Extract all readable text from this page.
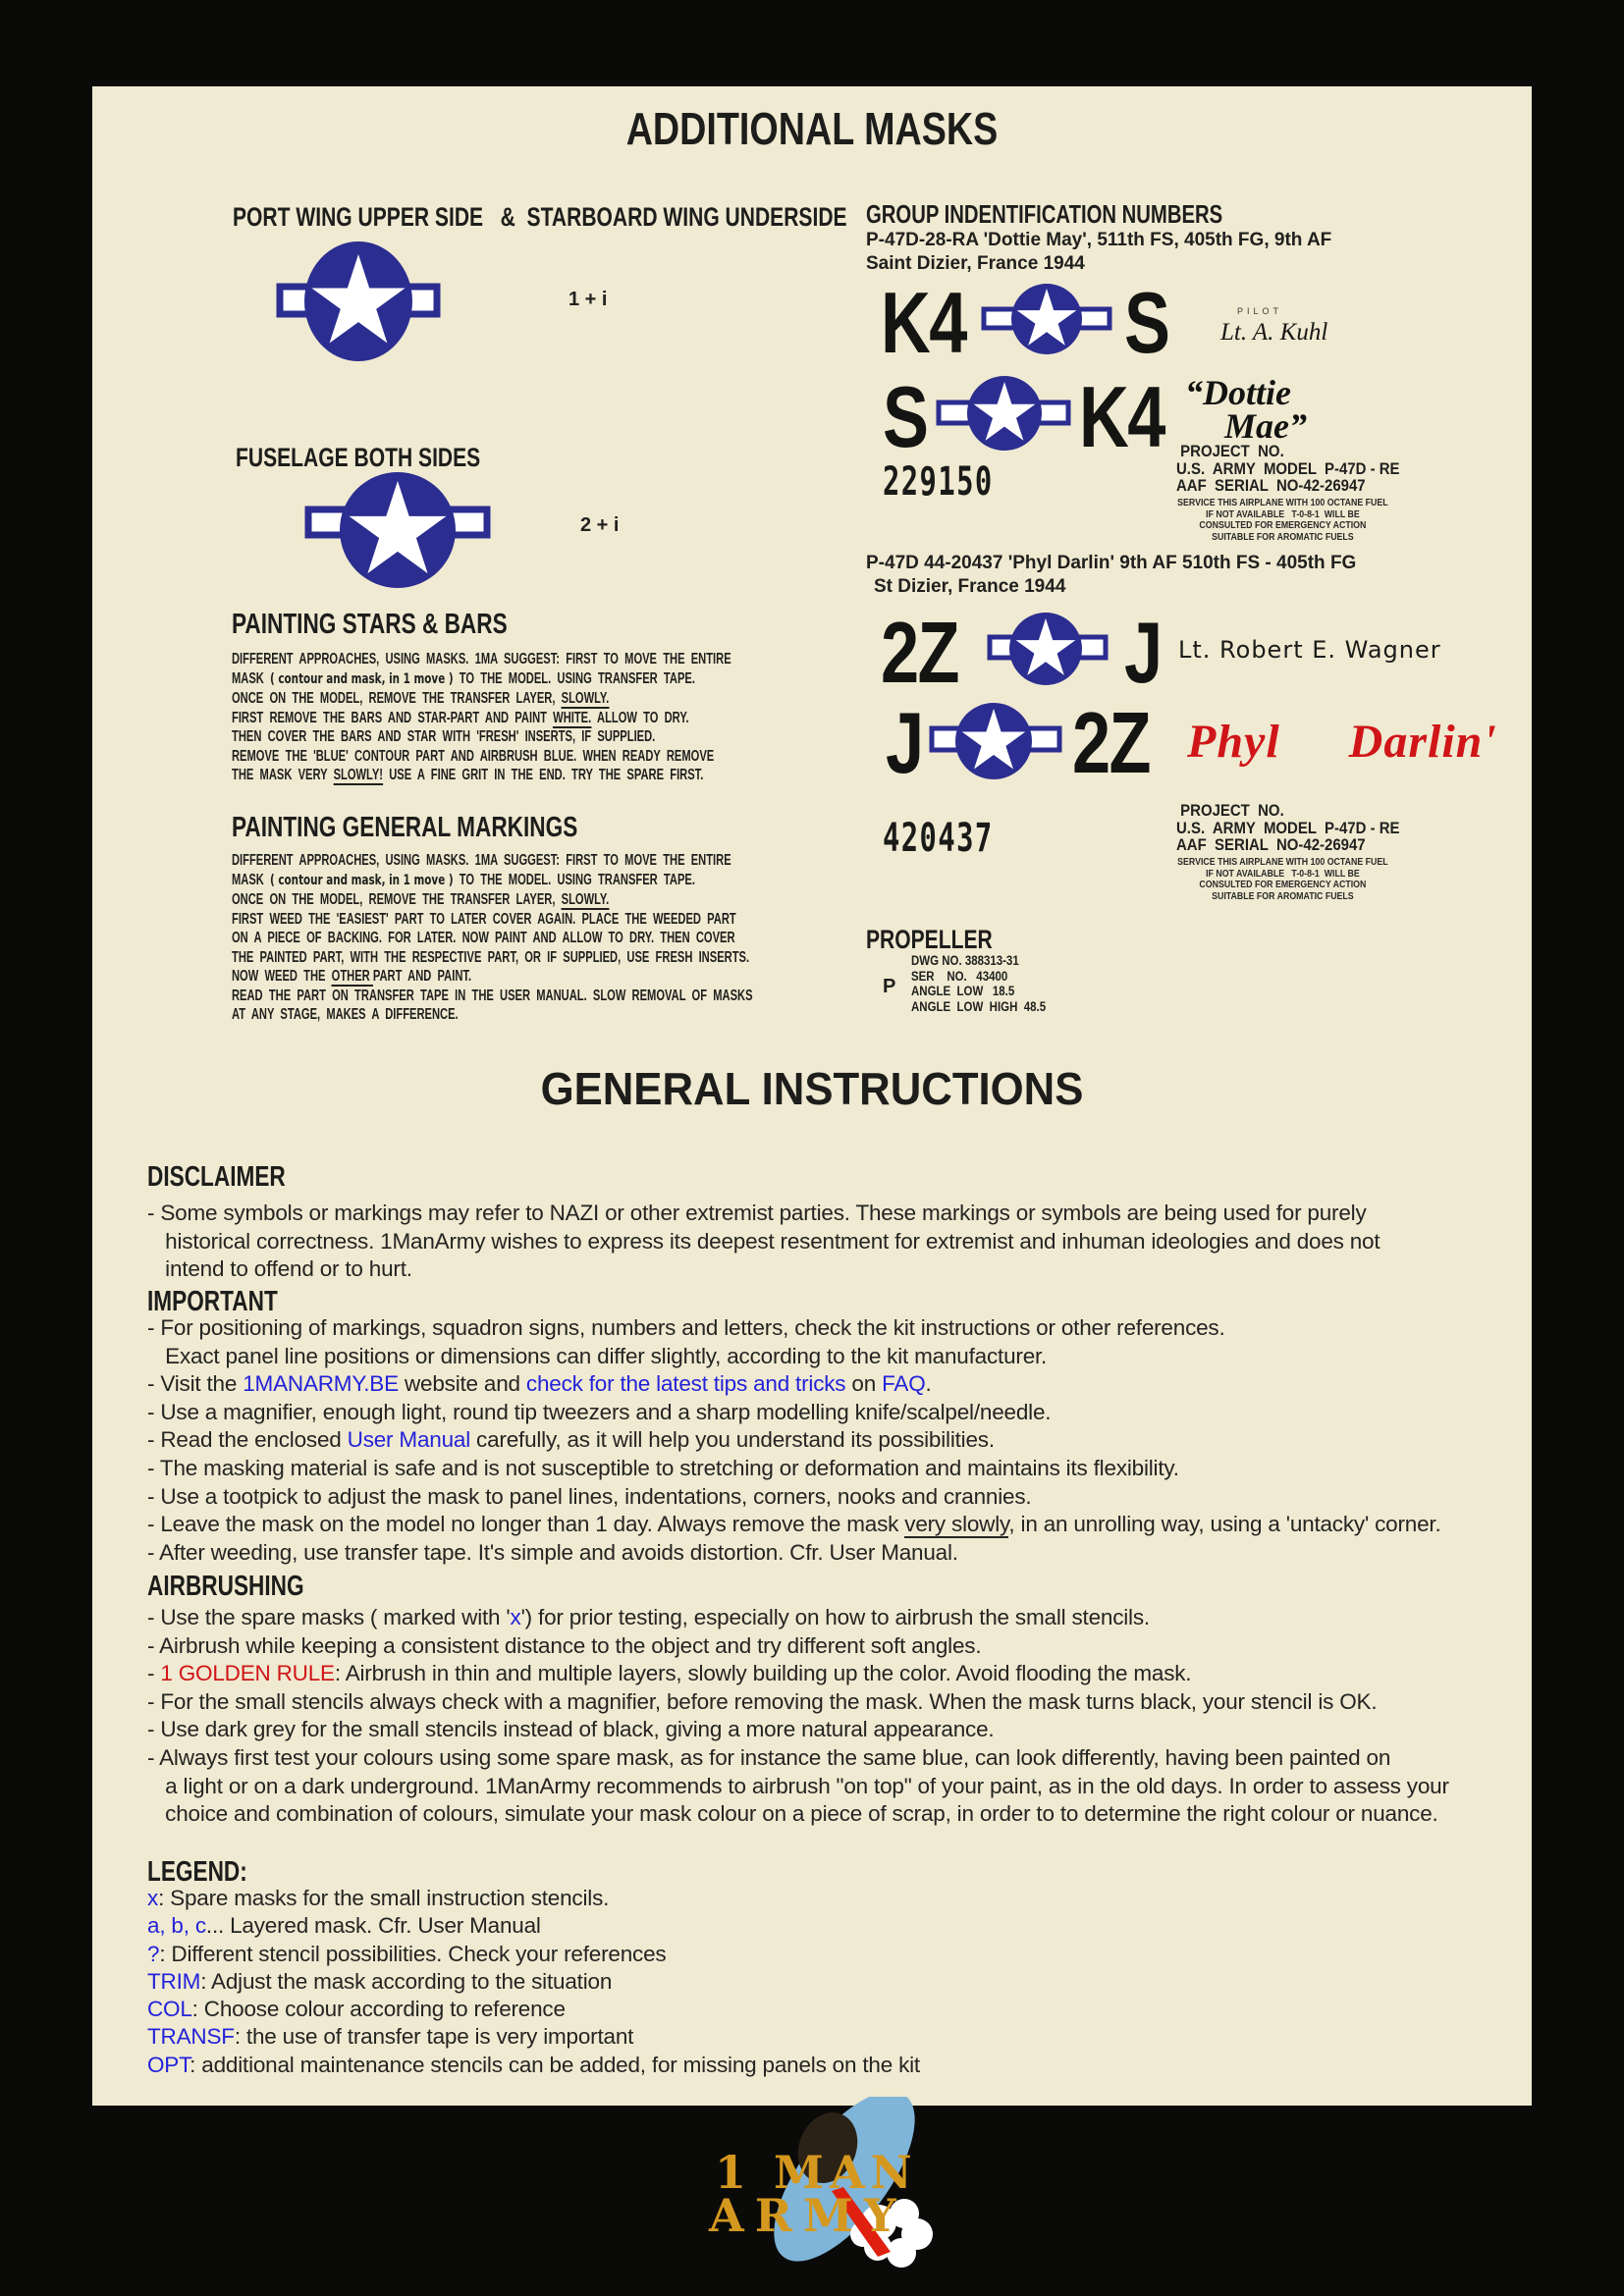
ADDITIONAL MASKS
PORT WING UPPER SIDE   &  STARBOARD WING UNDERSIDE
1 + i
FUSELAGE BOTH SIDES
2 + i
PAINTING STARS & BARS
DIFFERENT  APPROACHES,  USING  MASKS.  1MA  SUGGEST:  FIRST  TO  MOVE  THE  ENTIRE
MASK  ( contour and mask, in 1 move )  TO  THE  MODEL.  USING  TRANSFER  TAPE.
ONCE  ON  THE  MODEL,  REMOVE  THE  TRANSFER  LAYER,  SLOWLY.
FIRST  REMOVE  THE  BARS  AND  STAR-PART  AND  PAINT  WHITE.  ALLOW  TO  DRY.
THEN  COVER  THE  BARS  AND  STAR  WITH  'FRESH'  INSERTS,  IF  SUPPLIED.
REMOVE  THE  'BLUE'  CONTOUR  PART  AND  AIRBRUSH  BLUE.  WHEN  READY  REMOVE
THE  MASK  VERY  SLOWLY!  USE  A  FINE  GRIT  IN  THE  END.  TRY  THE  SPARE  FIRST.
PAINTING GENERAL MARKINGS
DIFFERENT  APPROACHES,  USING  MASKS.  1MA  SUGGEST:  FIRST  TO  MOVE  THE  ENTIRE
MASK  ( contour and mask, in 1 move )  TO  THE  MODEL.  USING  TRANSFER  TAPE.
ONCE  ON  THE  MODEL,  REMOVE  THE  TRANSFER  LAYER,  SLOWLY.
FIRST  WEED  THE  'EASIEST'  PART  TO  LATER  COVER  AGAIN.  PLACE  THE  WEEDED  PART
ON  A  PIECE  OF  BACKING.  FOR  LATER.  NOW  PAINT  AND  ALLOW  TO  DRY.  THEN  COVER
THE  PAINTED  PART,  WITH  THE  RESPECTIVE  PART,  OR  IF  SUPPLIED,  USE  FRESH  INSERTS.
NOW  WEED  THE  OTHER PART  AND  PAINT.
READ  THE  PART  ON  TRANSFER  TAPE  IN  THE  USER  MANUAL.  SLOW  REMOVAL  OF  MASKS
AT  ANY  STAGE,  MAKES  A  DIFFERENCE.
GROUP INDENTIFICATION NUMBERS
P-47D-28-RA 'Dottie May', 511th FS, 405th FG, 9th AF
Saint Dizier, France 1944
K4 S	PILOT
Lt. A. Kuhl
S K4 “Dottie
Mae”
229150
PROJECT  NO.
U.S.  ARMY  MODEL  P-47D - RE
AAF  SERIAL  NO-42-26947
SERVICE THIS AIRPLANE WITH 100 OCTANE FUEL
IF NOT AVAILABLE   T-0-8-1  WILL BE
CONSULTED FOR EMERGENCY ACTION
SUITABLE FOR AROMATIC FUELS
P-47D 44-20437 'Phyl Darlin' 9th AF 510th FS - 405th FG
St Dizier, France 1944
2Z J Lt. Robert E. Wagner
J 2Z Phyl  Darlin'
420437
PROJECT  NO.
U.S.  ARMY  MODEL  P-47D - RE
AAF  SERIAL  NO-42-26947
SERVICE THIS AIRPLANE WITH 100 OCTANE FUEL
IF NOT AVAILABLE   T-0-8-1  WILL BE
CONSULTED FOR EMERGENCY ACTION
SUITABLE FOR AROMATIC FUELS
PROPELLER
P
DWG NO. 388313-31
SER    NO.   43400
ANGLE  LOW   18.5
ANGLE  LOW  HIGH  48.5
GENERAL INSTRUCTIONS
DISCLAIMER
- Some symbols or markings may refer to NAZI or other extremist parties. These markings or symbols are being used for purely
historical correctness. 1ManArmy wishes to express its deepest resentment for extremist and inhuman ideologies and does not
intend to offend or to hurt.
IMPORTANT
- For positioning of markings, squadron signs, numbers and letters, check the kit instructions or other references.
Exact panel line positions or dimensions can differ slightly, according to the kit manufacturer.
- Visit the 1MANARMY.BE website and check for the latest tips and tricks on FAQ.
- Use a magnifier, enough light, round tip tweezers and a sharp modelling knife/scalpel/needle.
- Read the enclosed User Manual carefully, as it will help you understand its possibilities.
- The masking material is safe and is not susceptible to stretching or deformation and maintains its flexibility.
- Use a tootpick to adjust the mask to panel lines, indentations, corners, nooks and crannies.
- Leave the mask on the model no longer than 1 day. Always remove the mask very slowly, in an unrolling way, using a 'untacky' corner.
- After weeding, use transfer tape. It's simple and avoids distortion. Cfr. User Manual.
AIRBRUSHING
- Use the spare masks ( marked with 'x') for prior testing, especially on how to airbrush the small stencils.
- Airbrush while keeping a consistent distance to the object and try different soft angles.
- 1 GOLDEN RULE: Airbrush in thin and multiple layers, slowly building up the color. Avoid flooding the mask.
- For the small stencils always check with a magnifier, before removing the mask. When the mask turns black, your stencil is OK.
- Use dark grey for the small stencils instead of black, giving a more natural appearance.
- Always first test your colours using some spare mask, as for instance the same blue, can look differently, having been painted on
a light or on a dark underground. 1ManArmy recommends to airbrush "on top" of your paint, as in the old days. In order to assess your
choice and combination of colours, simulate your mask colour on a piece of scrap, in order to to determine the right colour or nuance.
LEGEND:
x: Spare masks for the small instruction stencils.
a, b, c... Layered mask. Cfr. User Manual
?: Different stencil possibilities. Check your references
TRIM: Adjust the mask according to the situation
COL: Choose colour according to reference
TRANSF: the use of transfer tape is very important
OPT: additional maintenance stencils can be added, for missing panels on the kit
1 MAN
ARMY
